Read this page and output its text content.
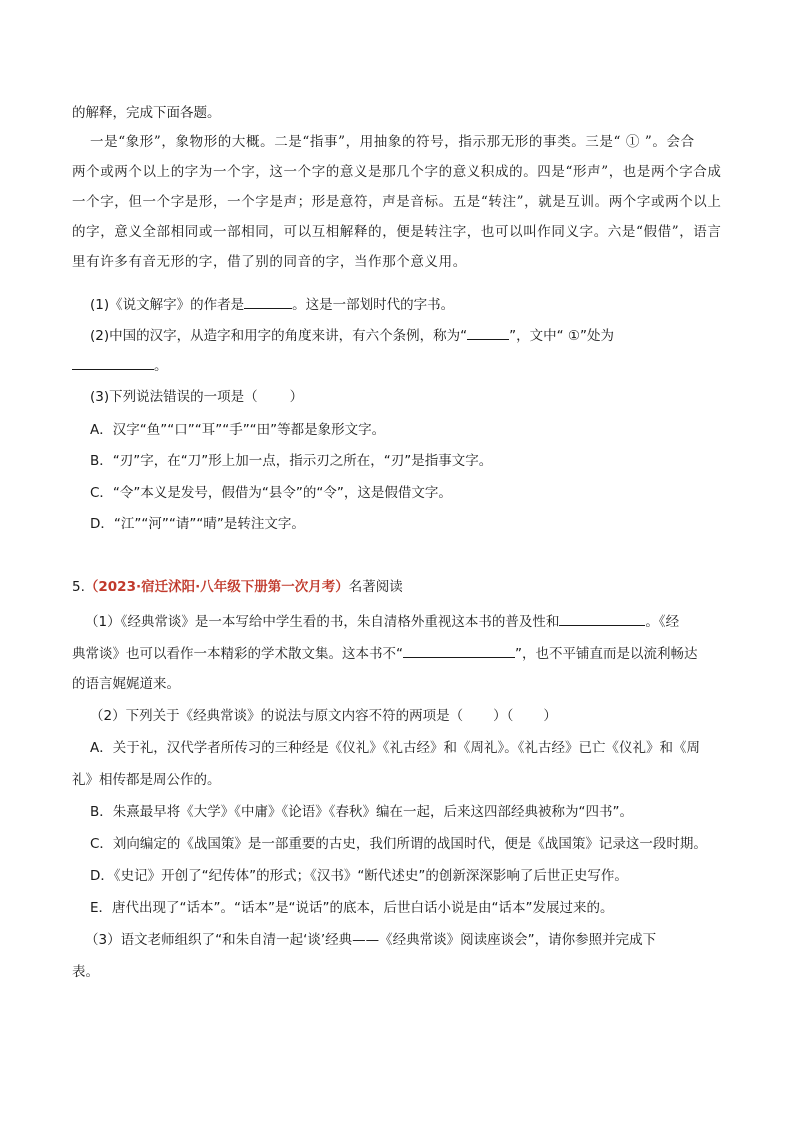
的解释，完成下面各题。
一是“象形”，象物形的大概。二是“指事”，用抽象的符号，指示那无形的事类。三是“ ① ”。会合
两个或两个以上的字为一个字，这一个字的意义是那几个字的意义积成的。四是“形声”，也是两个字合成
一个字，但一个字是形，一个字是声；形是意符，声是音标。五是“转注”，就是互训。两个字或两个以上
的字，意义全部相同或一部相同，可以互相解释的，便是转注字，也可以叫作同义字。六是“假借”，语言
里有许多有音无形的字，借了别的同音的字，当作那个意义用。
(1)《说文解字》的作者是	。这是一部划时代的字书。
(2)中国的汉字，从造字和用字的角度来讲，有六个条例，称为“	”，文中“ ①”处为
。
(3)下列说法错误的一项是（ ）
A．汉字“鱼”“口”“耳”“手”“田”等都是象形文字。
B．“刃”字，在“刀”形上加一点，指示刃之所在，“刃”是指事文字。
C．“令”本义是发号，假借为“县令”的“令”，这是假借文字。
D．“江”“河”“请”“晴”是转注文字。
5.（2023·宿迁沭阳·八年级下册第一次月考）名著阅读
（1）《经典常谈》是一本写给中学生看的书，朱自清格外重视这本书的普及性和	。《经
典常谈》也可以看作一本精彩的学术散文集。这本书不“	”，也不平铺直而是以流利畅达
的语言娓娓道来。
（2）下列关于《经典常谈》的说法与原文内容不符的两项是（ ）（ ）
A．关于礼，汉代学者所传习的三种经是《仪礼》《礼古经》和《周礼》。《礼古经》已亡《仪礼》和《周
礼》相传都是周公作的。
B．朱熹最早将《大学》《中庸》《论语》《春秋》编在一起，后来这四部经典被称为“四书”。
C．刘向编定的《战国策》是一部重要的古史，我们所谓的战国时代，便是《战国策》记录这一段时期。
D．《史记》开创了“纪传体”的形式；《汉书》“断代述史”的创新深深影响了后世正史写作。
E．唐代出现了“话本”。“话本”是“说话”的底本，后世白话小说是由“话本”发展过来的。
（3）语文老师组织了“和朱自清一起‘谈’经典——《经典常谈》阅读座谈会”，请你参照并完成下
表。
